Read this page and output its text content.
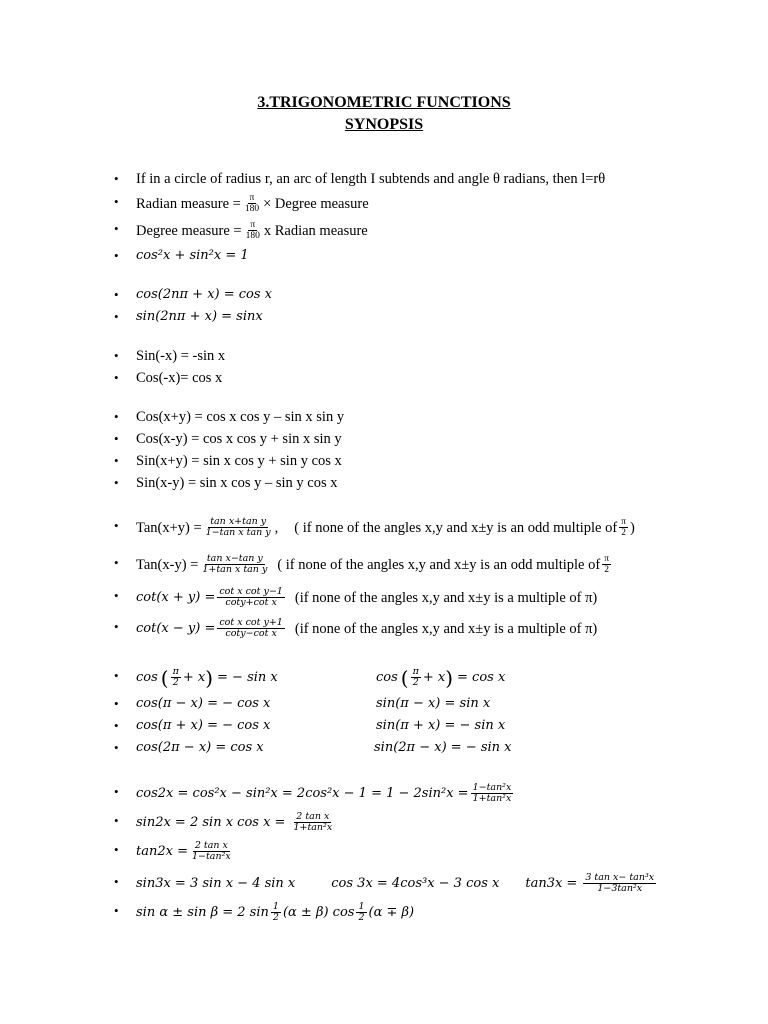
3.TRIGONOMETRIC FUNCTIONS
SYNOPSIS
•
•
•
•
•
•
•
•
•
•
•
•
•
•
•
•
•
•
•
•
•
•
•
•
•
If in a circle of radius r, an arc of length I subtends and angle θ radians, then l=rθ
Radian measure = $\frac{\pi}{180}$ × Degree measure
Degree measure = $\frac{\pi}{180}$ x Radian measure
cos²x + sin²x = 1
cos(2nπ + x) = cos x
sin(2nπ + x) = sinx
Sin(-x) = -sin x
Cos(-x)= cos x
Cos(x+y) = cos x cos y – sin x sin y
Cos(x-y) = cos x cos y + sin x sin y
Sin(x+y) = sin x cos y + sin y cos x
Sin(x-y) = sin x cos y – sin y cos x
$Tan(x+y) = \frac{\text{tan x+tan y}}{\text{1−tan x tan y}}$ , ( if none of the angles x,y and x±y is an odd multiple of $\frac{\pi}{2}$ )
$Tan(x-y) = \frac{\text{tan x−tan y}}{\text{1+tan x tan y}}$ ( if none of the angles x,y and x±y is an odd multiple of $\frac{\pi}{2}$
$\cot(x + y) = \frac{\text{cot x cot y−1}}{\text{coty+cot x}} (if$ none of the angles x,y and x±y is a multiple of π)
$\cot(x - y) = \frac{\text{cot x cot y+1}}{\text{coty−cot x}} (if$ none of the angles x,y and x±y is a multiple of π)
cos ( $\frac{\pi}{2} + x$ ) = − sin x	cos ( $\frac{\pi}{2} + x$ ) = cos x
cos(π − x) = − cos x	sin(π − x) = sin x
cos(π + x) = − cos x	sin(π + x) = − sin x
cos(2π − x) = cos x	sin(2π − x) = − sin x
$\cos 2x = \cos^2x - \sin^2x = 2\cos^2x - 1 = 1 - 2\sin^2x = \frac{\text{1−tan²x}}{\text{1+tan²x}}$
sin2x = 2 sin x $\cos x = \frac{\text{2 tan x}}{\text{1+tan²x}}$
$\tan 2x = \frac{\text{2 tan x}}{\text{1−tan²x}}$
sin3x = 3 sin x − 4 sin x	cos 3x = 4cos³x − 3 cos x $\tan 3x = \frac{\text{3 tan x− tan³x}}{\text{1−3tan²x}}$
sin α ± sin β = 2 $\sin \frac{1}{2} (\alpha \pm \beta)$ $\cos \frac{1}{2} (\alpha \mp \beta)$
